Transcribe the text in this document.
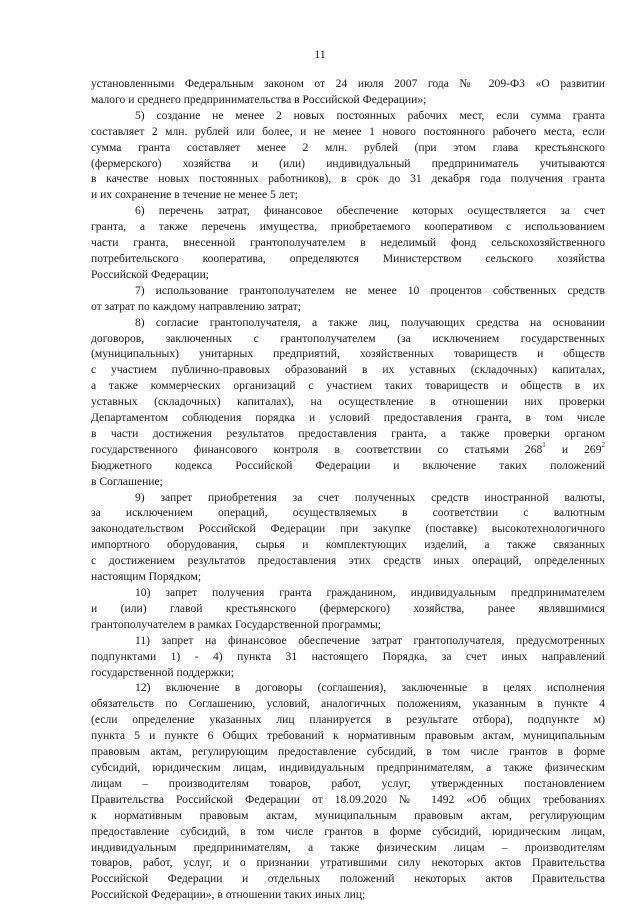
11

установленными Федеральным законом от 24 июля 2007 года № 209-ФЗ «О развитии
малого и среднего предпринимательства в Российской Федерации»;

5) создание не менее 2 новых постоянных рабочих мест, если сумма гранта
составляет 2 млн. рублей или более, и не менее 1 нового постоянного рабочего места, если
сумма гранта составляет менее 2 млн. рублей (при этом глава крестьянского
(фермерского) хозяйства и (или) индивидуальный предприниматель учитываются
в качестве новых постоянных работников), в срок до 31 декабря года получения гранта
и их сохранение в течение не менее 5 лет;

6) перечень затрат, финансовое обеспечение которых осуществляется за счет
гранта, а также перечень имущества, приобретаемого кооперативом с использованием
части гранта, внесенной грантополучателем в неделимый фонд сельскохозяйственного
потребительского кооператива, определяются Министерством сельского хозяйства
Российской Федерации;

7) использование грантополучателем не менее 10 процентов собственных средств
от затрат по каждому направлению затрат;

8) согласие грантополучателя, а также лиц, получающих средства на основании
договоров, заключенных с грантополучателем (за исключением государственных
(муниципальных) унитарных предприятий, хозяйственных товариществ и обществ
с участием публично-правовых образований в их уставных (складочных) капиталах,
а также коммерческих организаций с участием таких товариществ и обществ в их
уставных (складочных) капиталах), на осуществление в отношении них проверки
Департаментом соблюдения порядка и условий предоставления гранта, в том числе
в части достижения результатов предоставления гранта, а также проверки органом
государственного финансового контроля в соответствии со статьями $268^1$ и $269^2$
Бюджетного кодекса Российской Федерации и включение таких положений
в Соглашение;

9) запрет приобретения за счет полученных средств иностранной валюты,
за исключением операций, осуществляемых в соответствии с валютным
законодательством Российской Федерации при закупке (поставке) высокотехнологичного
импортного оборудования, сырья и комплектующих изделий, а также связанных
с достижением результатов предоставления этих средств иных операций, определенных
настоящим Порядком;

10) запрет получения гранта гражданином, индивидуальным предпринимателем
и (или) главой крестьянского (фермерского) хозяйства, ранее являвшимися
грантополучателем в рамках Государственной программы;

11) запрет на финансовое обеспечение затрат грантополучателя, предусмотренных
подпунктами 1) - 4) пункта 31 настоящего Порядка, за счет иных направлений
государственной поддержки;

12) включение в договоры (соглашения), заключенные в целях исполнения
обязательств по Соглашению, условий, аналогичных положениям, указанным в пункте 4
(если определение указанных лиц планируется в результате отбора), подпункте м)
пункта 5 и пункте 6 Общих требований к нормативным правовым актам, муниципальным
правовым актам, регулирующим предоставление субсидий, в том числе грантов в форме
субсидий, юридическим лицам, индивидуальным предпринимателям, а также физическим
лицам – производителям товаров, работ, услуг, утвержденных постановлением
Правительства Российской Федерации от 18.09.2020 № 1492 «Об общих требованиях
к нормативным правовым актам, муниципальным правовым актам, регулирующим
предоставление субсидий, в том числе грантов в форме субсидий, юридическим лицам,
индивидуальным предпринимателям, а также физическим лицам – производителям
товаров, работ, услуг, и о признании утратившими силу некоторых актов Правительства
Российской Федерации и отдельных положений некоторых актов Правительства
Российской Федерации», в отношении таких иных лиц;
